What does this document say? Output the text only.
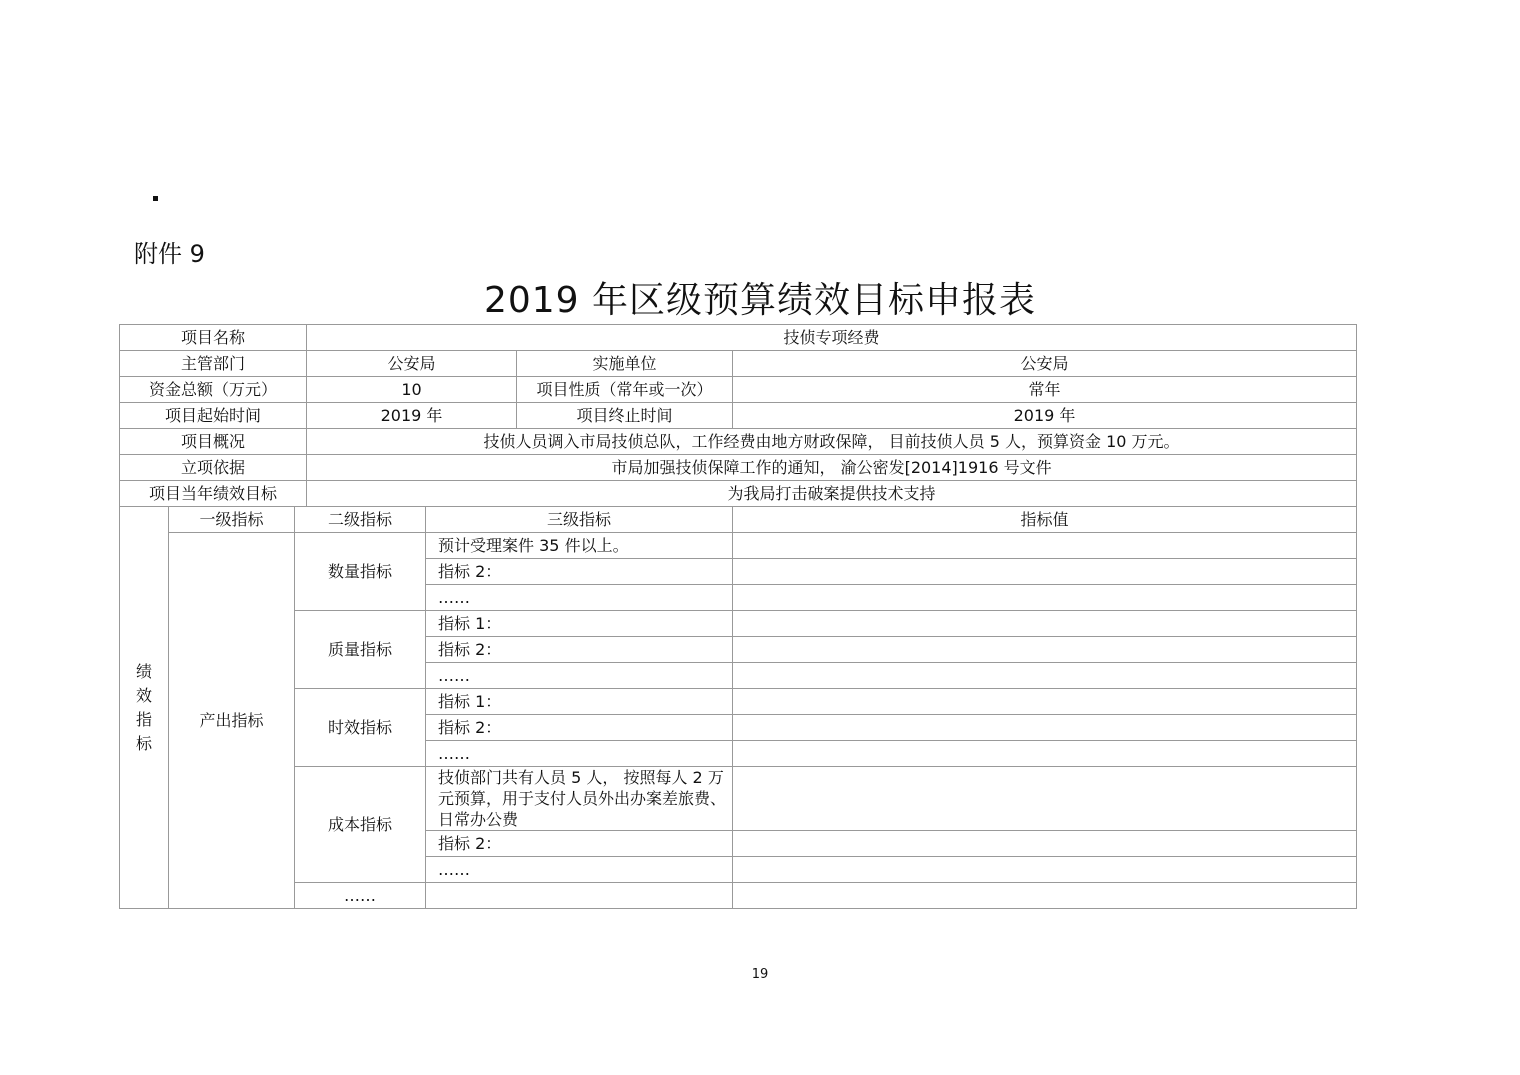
附件 9
2019 年区级预算绩效目标申报表
项目名称			技侦专项经费			
主管部门			公安局		实施单位	公安局
资金总额（万元）			10		项目性质（常年或一次）	常年
项目起始时间			2019 年		项目终止时间	2019 年
项目概况			技侦人员调入市局技侦总队，工作经费由地方财政保障， 目前技侦人员 5 人，预算资金 10 万元。			
立项依据			市局加强技侦保障工作的通知， 渝公密发[2014]1916 号文件			
项目当年绩效目标			为我局打击破案提供技术支持			
绩效指标	一级指标	二级指标		三级指标		指标值
	产出指标	数量指标		预计受理案件 35 件以上。		
				指标 2：		
				……		
		质量指标		指标 1：		
				指标 2：		
				……		
		时效指标		指标 1：		
				指标 2：		
				……		
		成本指标		技侦部门共有人员 5 人， 按照每人 2 万元预算，用于支付人员外出办案差旅费、日常办公费		
				指标 2：		
				……		
		……				
19
